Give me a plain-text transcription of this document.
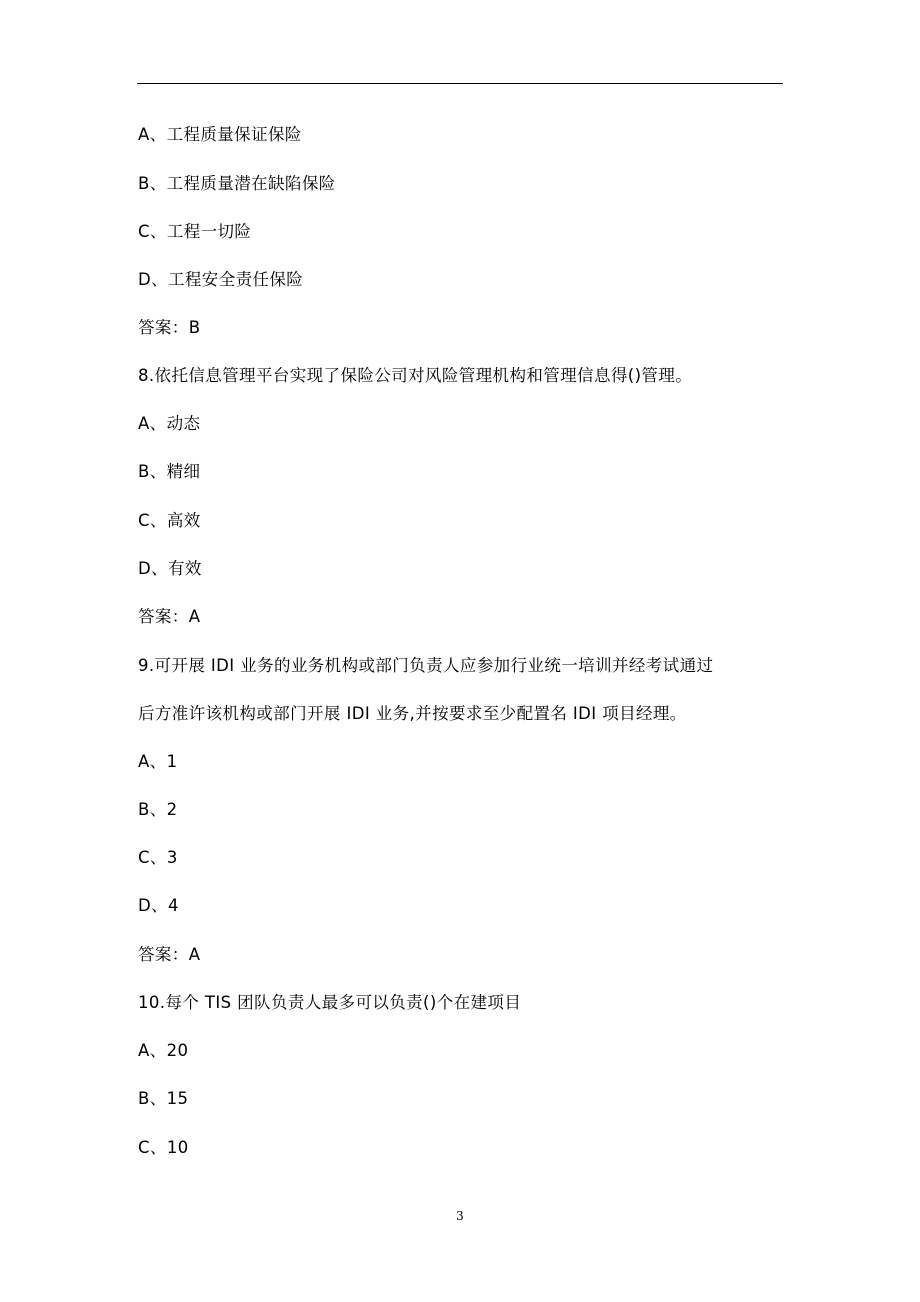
A、工程质量保证保险
B、工程质量潜在缺陷保险
C、工程一切险
D、工程安全责任保险
答案：B
8.依托信息管理平台实现了保险公司对风险管理机构和管理信息得()管理。
A、动态
B、精细
C、高效
D、有效
答案：A
9.可开展 IDI 业务的业务机构或部门负责人应参加行业统一培训并经考试通过
后方准许该机构或部门开展 IDI 业务,并按要求至少配置名 IDI 项目经理。
A、1
B、2
C、3
D、4
答案：A
10.每个 TIS 团队负责人最多可以负责()个在建项目
A、20
B、15
C、10
3
